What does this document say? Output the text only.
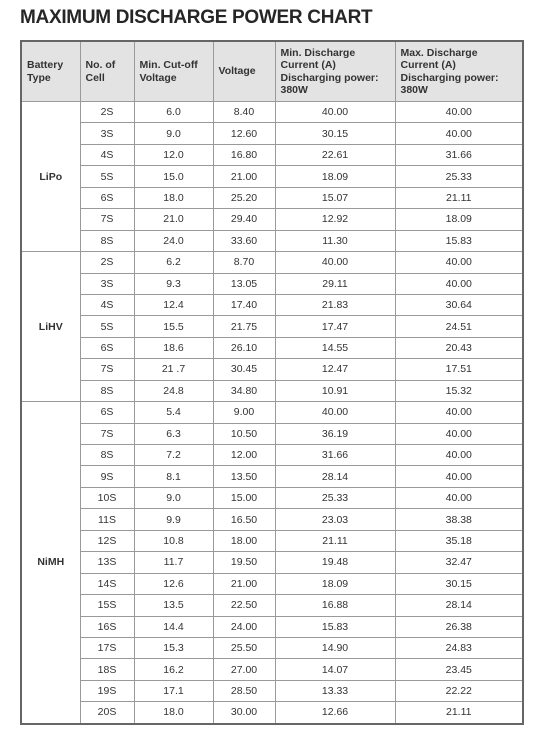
MAXIMUM DISCHARGE POWER CHART
Battery Type	No. of Cell	Min. Cut-off Voltage	Voltage	Min. Discharge Current (A) Discharging power: 380W	Max. Discharge Current (A) Discharging power: 380W
LiPo	2S	6.0	8.40	40.00	40.00
	3S	9.0	12.60	30.15	40.00
	4S	12.0	16.80	22.61	31.66
	5S	15.0	21.00	18.09	25.33
	6S	18.0	25.20	15.07	21.11
	7S	21.0	29.40	12.92	18.09
	8S	24.0	33.60	11.30	15.83
LiHV	2S	6.2	8.70	40.00	40.00
	3S	9.3	13.05	29.11	40.00
	4S	12.4	17.40	21.83	30.64
	5S	15.5	21.75	17.47	24.51
	6S	18.6	26.10	14.55	20.43
	7S	21 .7	30.45	12.47	17.51
	8S	24.8	34.80	10.91	15.32
NiMH	6S	5.4	9.00	40.00	40.00
	7S	6.3	10.50	36.19	40.00
	8S	7.2	12.00	31.66	40.00
	9S	8.1	13.50	28.14	40.00
	10S	9.0	15.00	25.33	40.00
	11S	9.9	16.50	23.03	38.38
	12S	10.8	18.00	21.11	35.18
	13S	11.7	19.50	19.48	32.47
	14S	12.6	21.00	18.09	30.15
	15S	13.5	22.50	16.88	28.14
	16S	14.4	24.00	15.83	26.38
	17S	15.3	25.50	14.90	24.83
	18S	16.2	27.00	14.07	23.45
	19S	17.1	28.50	13.33	22.22
	20S	18.0	30.00	12.66	21.11
